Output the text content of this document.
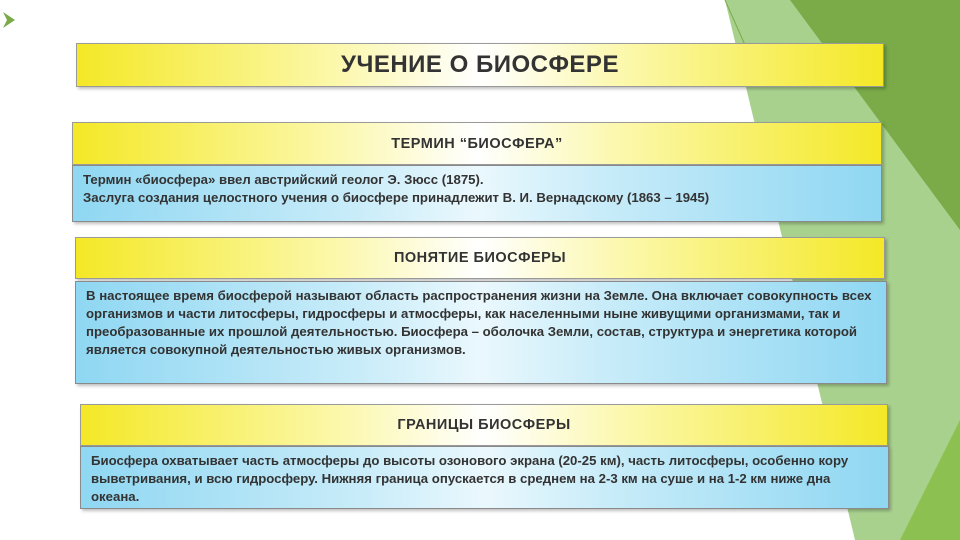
УЧЕНИЕ О БИОСФЕРЕ
ТЕРМИН “БИОСФЕРА”

Термин «биосфера» ввел австрийский геолог Э. Зюсс (1875).

Заслуга создания целостного учения о биосфере принадлежит В. И. Вернадскому (1863 – 1945)

ПОНЯТИЕ БИОСФЕРЫ

В настоящее время биосферой называют область распространения жизни на Земле. Она включает совокупность всех организмов и части литосферы, гидросферы и атмосферы, как населенными ныне живущими организмами, так и преобразованные их прошлой деятельностью. Биосфера – оболочка Земли, состав, структура и энергетика которой является совокупной деятельностью живых организмов.

ГРАНИЦЫ БИОСФЕРЫ

Биосфера охватывает часть атмосферы до высоты озонового экрана (20-25 км), часть литосферы, особенно кору выветривания, и всю гидросферу. Нижняя граница опускается в среднем на 2-3 км на суше и на 1-2 км ниже дна океана.
